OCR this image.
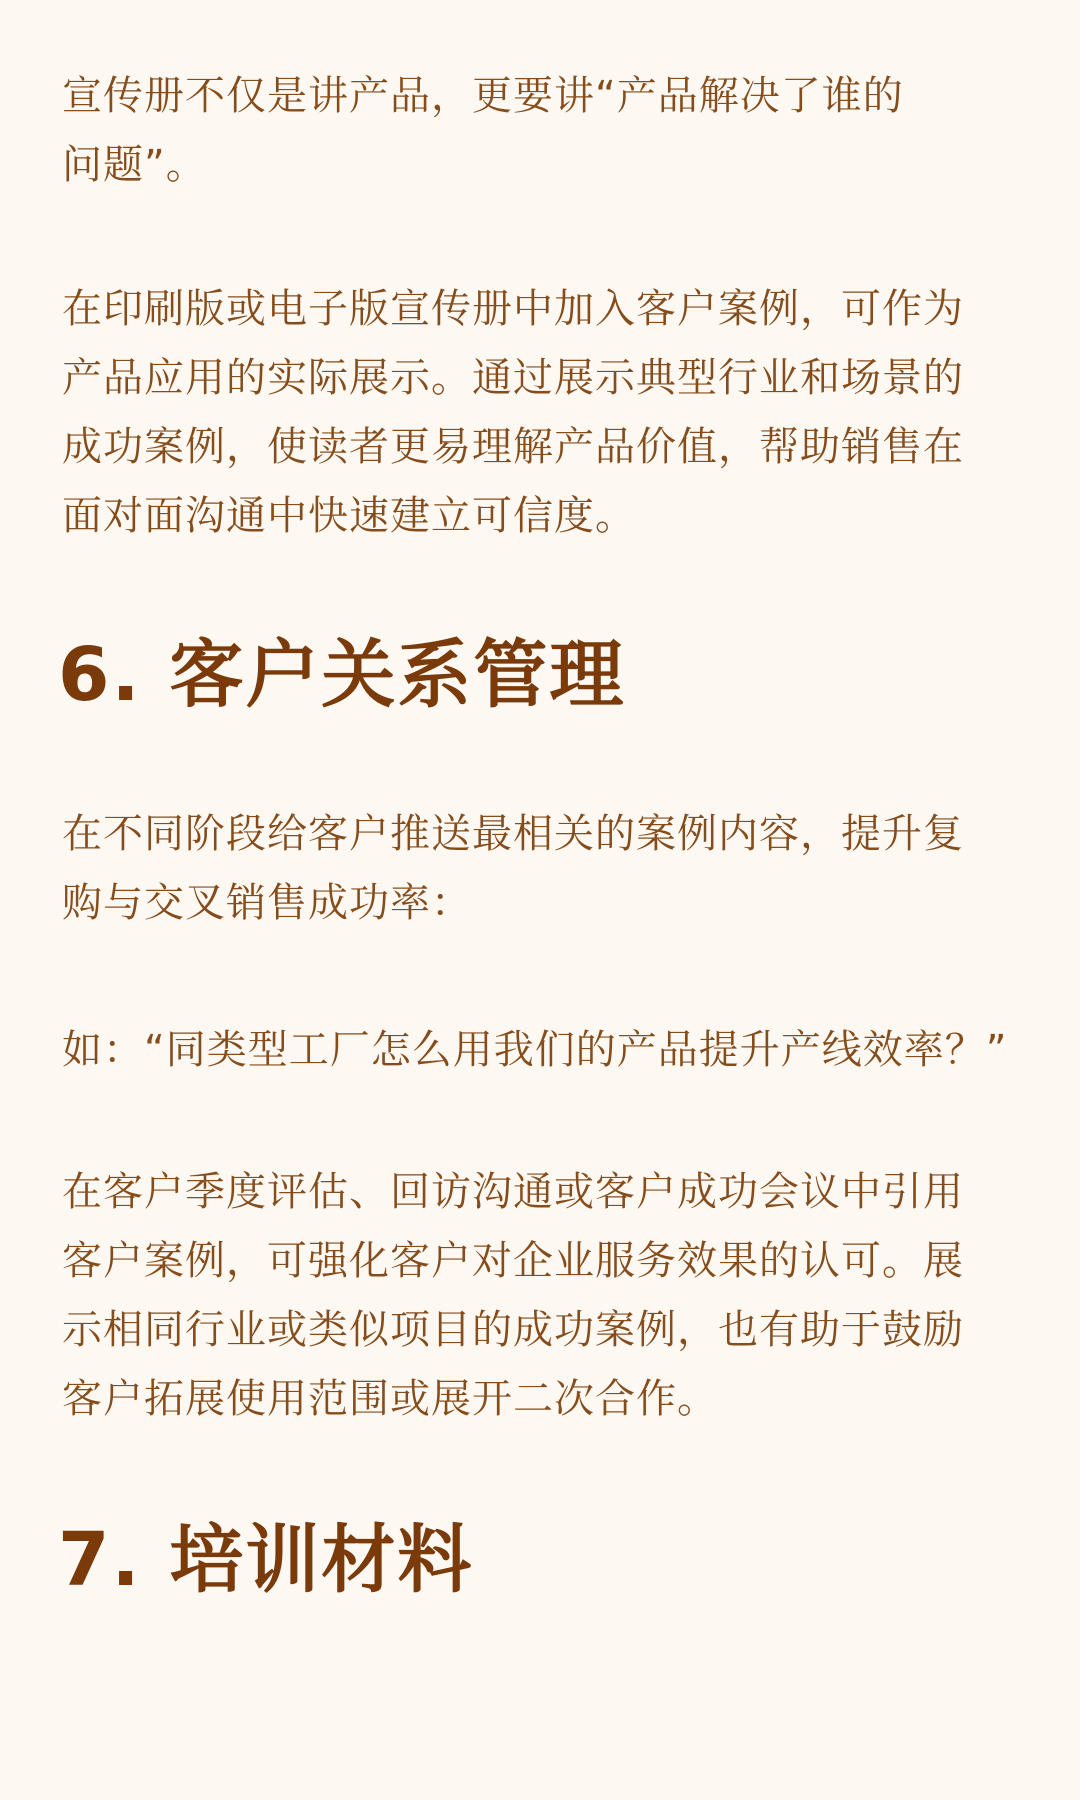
宣传册不仅是讲产品，更要讲“产品解决了谁的问题”。

在印刷版或电子版宣传册中加入客户案例，可作为产品应用的实际展示。通过展示典型行业和场景的成功案例，使读者更易理解产品价值，帮助销售在面对面沟通中快速建立可信度。

6. 客户关系管理

在不同阶段给客户推送最相关的案例内容，提升复购与交叉销售成功率：

如：“同类型工厂怎么用我们的产品提升产线效率？”

在客户季度评估、回访沟通或客户成功会议中引用客户案例，可强化客户对企业服务效果的认可。展示相同行业或类似项目的成功案例，也有助于鼓励客户拓展使用范围或展开二次合作。

7. 培训材料
